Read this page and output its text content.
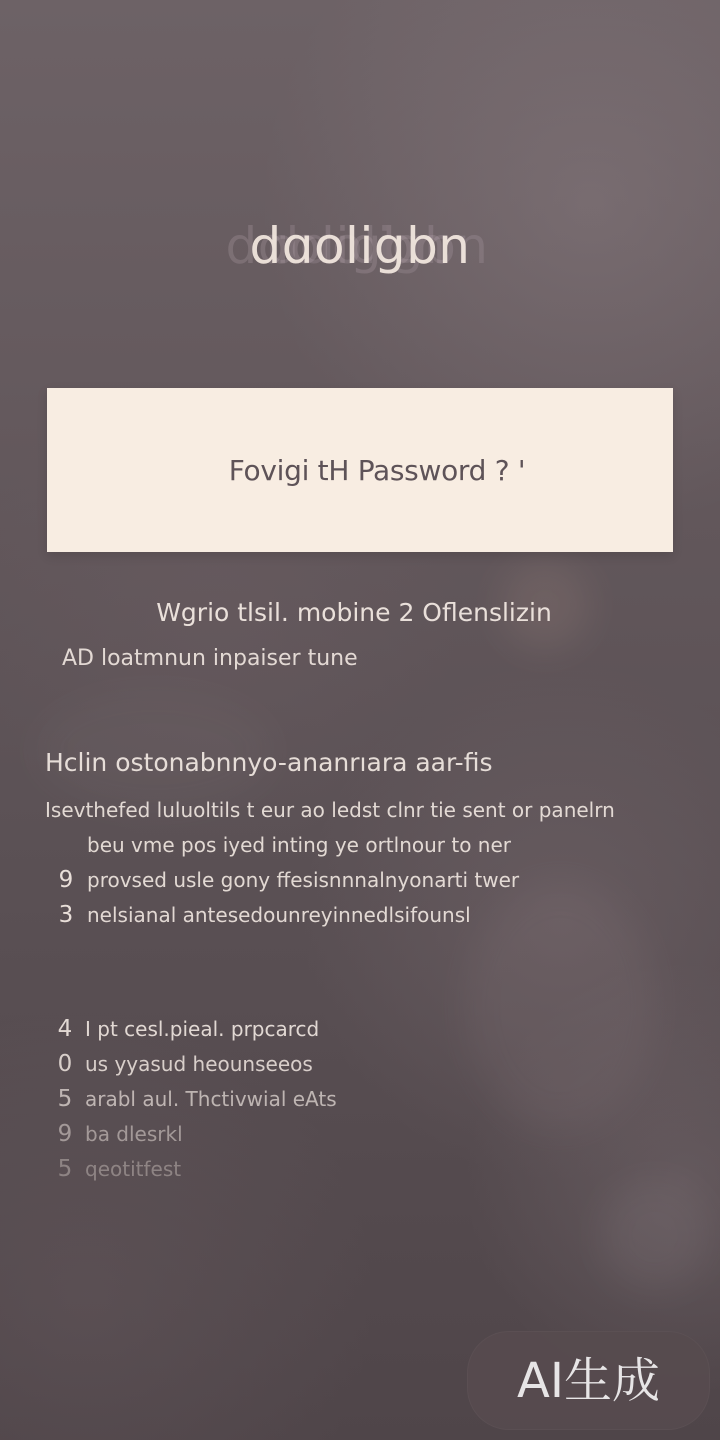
dɑoligbn
Fovigi tH Password ? '
Wgrio tlsil. mobine 2 Oflenslizin
AD loatmnun inpaiser tune
Hclin ostonabnnyo-ananrıara aar-fis
Isevthefed luluoltils t eur ao ledst clnr tie sent or panelrn
beu vme pos iyed inting ye ortlnour to ner
9 provsed usle gony ffesisnnnalnyonarti twer
3 nelsianal antesedounreyinnedlsifounsl
4 I pt cesl.pieal. prpcarcd
0 us yyasud heounseeos
5 arabl aul. Thctivwial eAts
9 ba dlesrkl
5 qeotitfest
AI生成
